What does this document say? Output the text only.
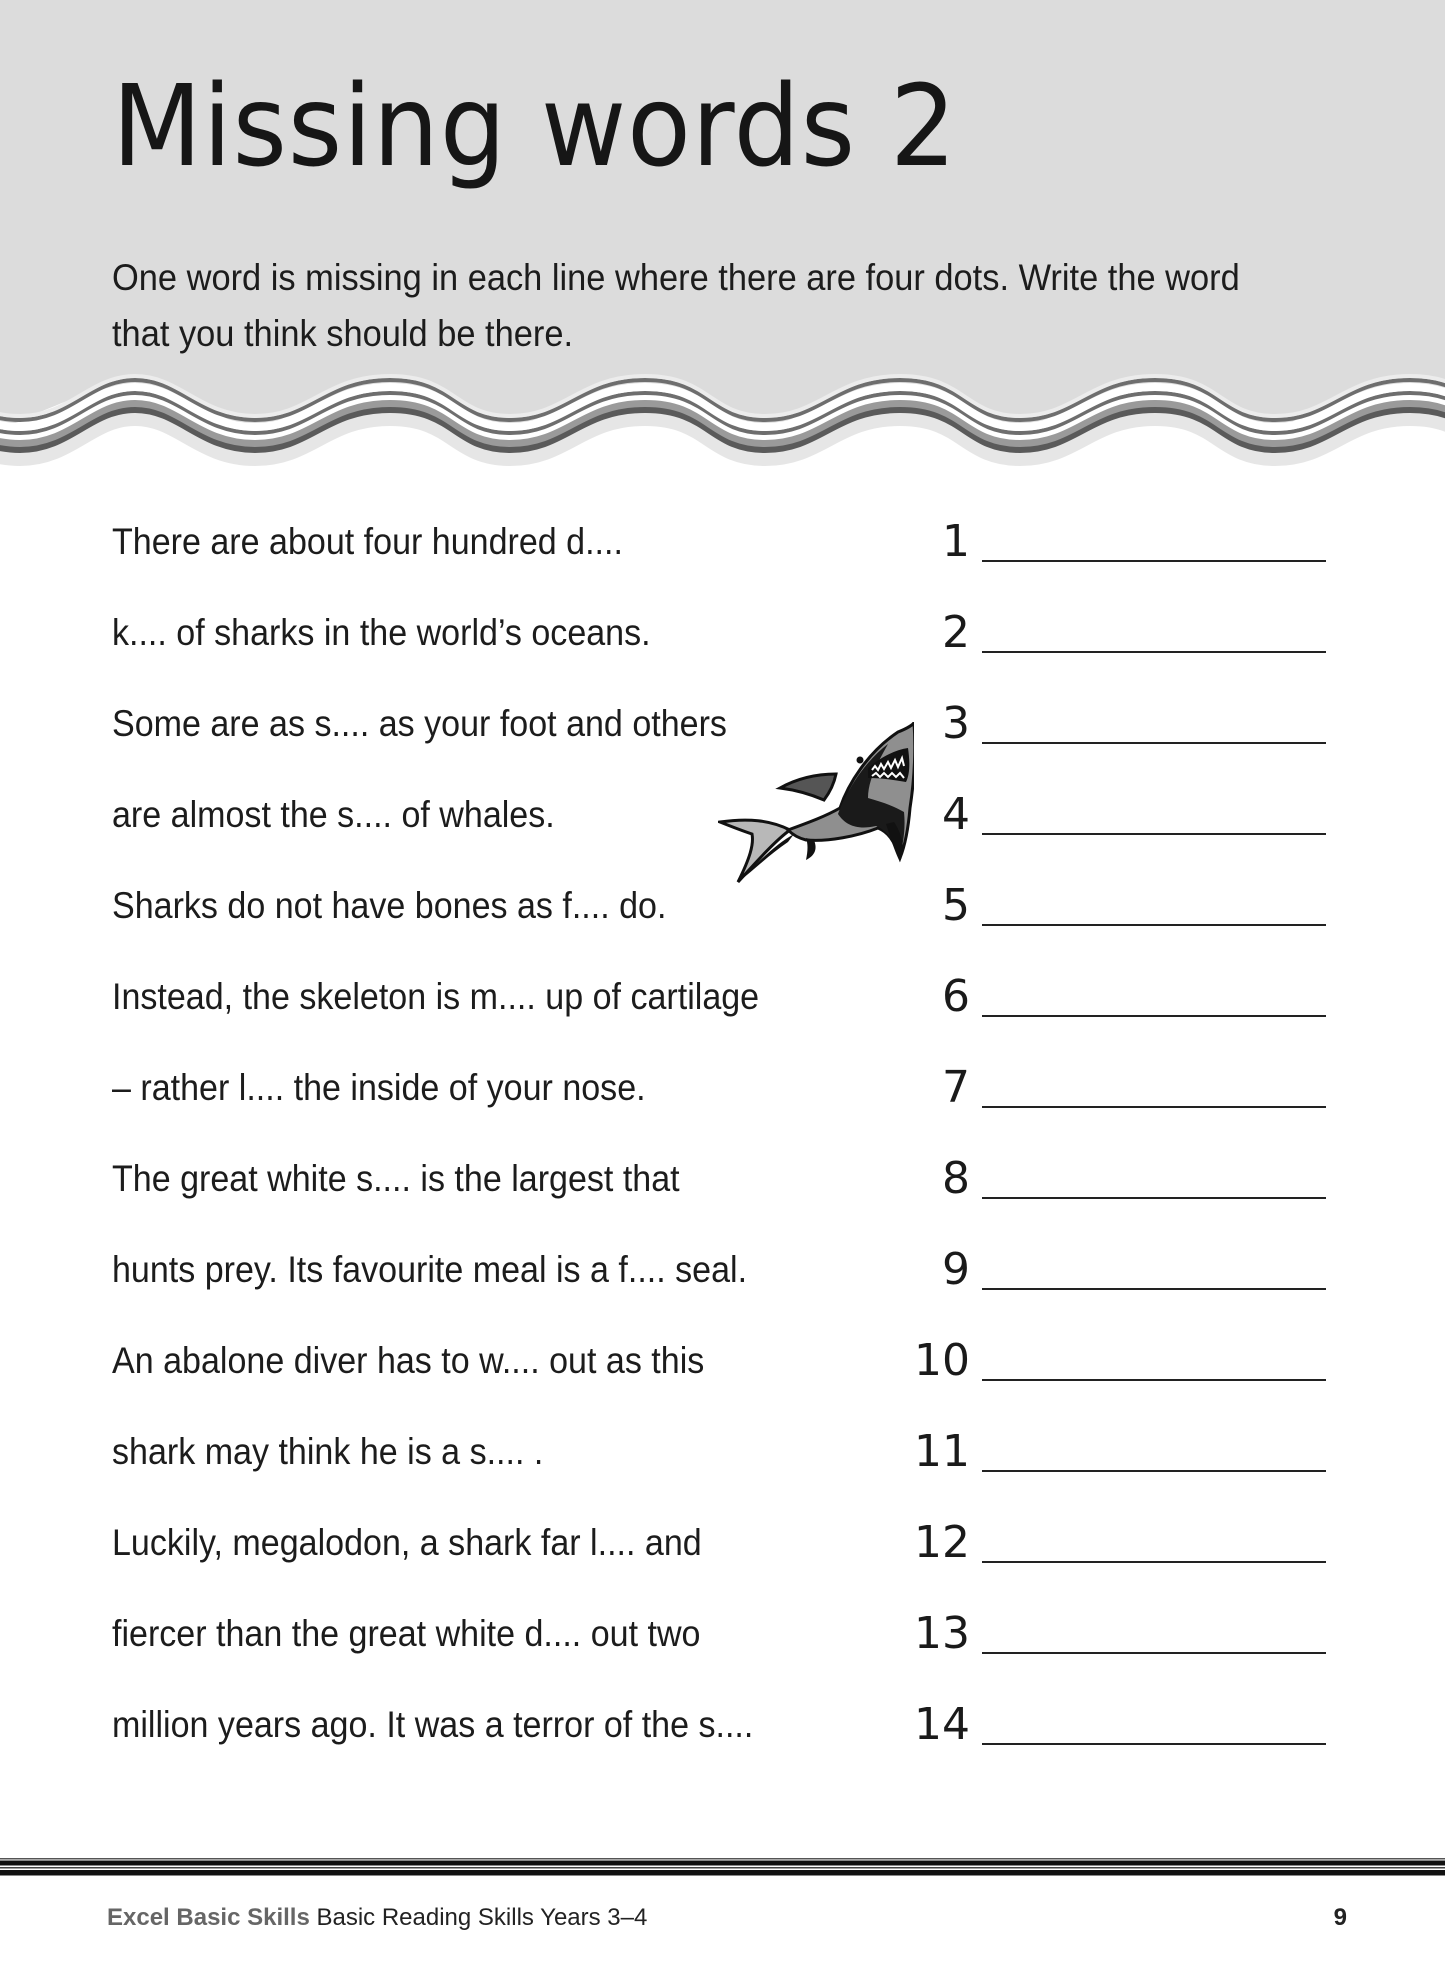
Missing words 2

One word is missing in each line where there are four dots. Write the word that you think should be there.

There are about four hundred d....	1
k.... of sharks in the world’s oceans.	2
Some are as s.... as your foot and others	3
are almost the s.... of whales.	4
Sharks do not have bones as f.... do.	5
Instead, the skeleton is m.... up of cartilage	6
– rather l.... the inside of your nose.	7
The great white s.... is the largest that	8
hunts prey. Its favourite meal is a f.... seal.	9
An abalone diver has to w.... out as this	10
shark may think he is a s.... .	11
Luckily, megalodon, a shark far l.... and	12
fiercer than the great white d.... out two	13
million years ago. It was a terror of the s....	14
Excel Basic Skills Basic Reading Skills Years 3–4	9
